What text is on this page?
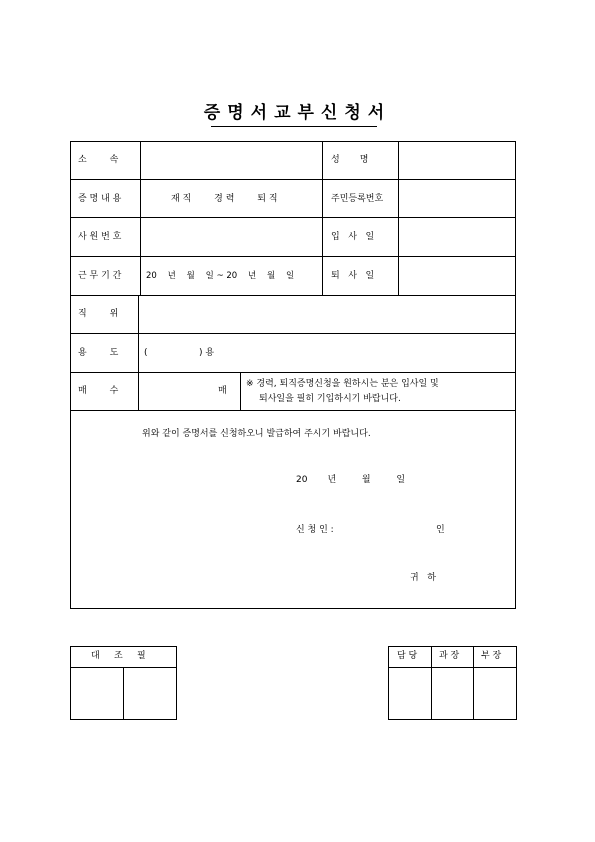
증명서교부신청서
소        속	성       명
증 명 내 용	재 직        경 력        퇴 직	주민등록번호
사 원 번 호	입   사   일
근 무 기 간	20    년    월    일 ~ 20    년    월    일	퇴   사   일
직        위
용        도	(                  ) 용
매        수	매
※ 경력, 퇴직증명신청을 원하시는 분은 입사일 및
퇴사일을 필히 기입하시기 바랍니다.
위와 같이 증명서를 신청하오니 발급하여 주시기 바랍니다.
20       년         월         일
신 청 인 :	인
귀   하
대     조     필	담 당 과 장 부 장
